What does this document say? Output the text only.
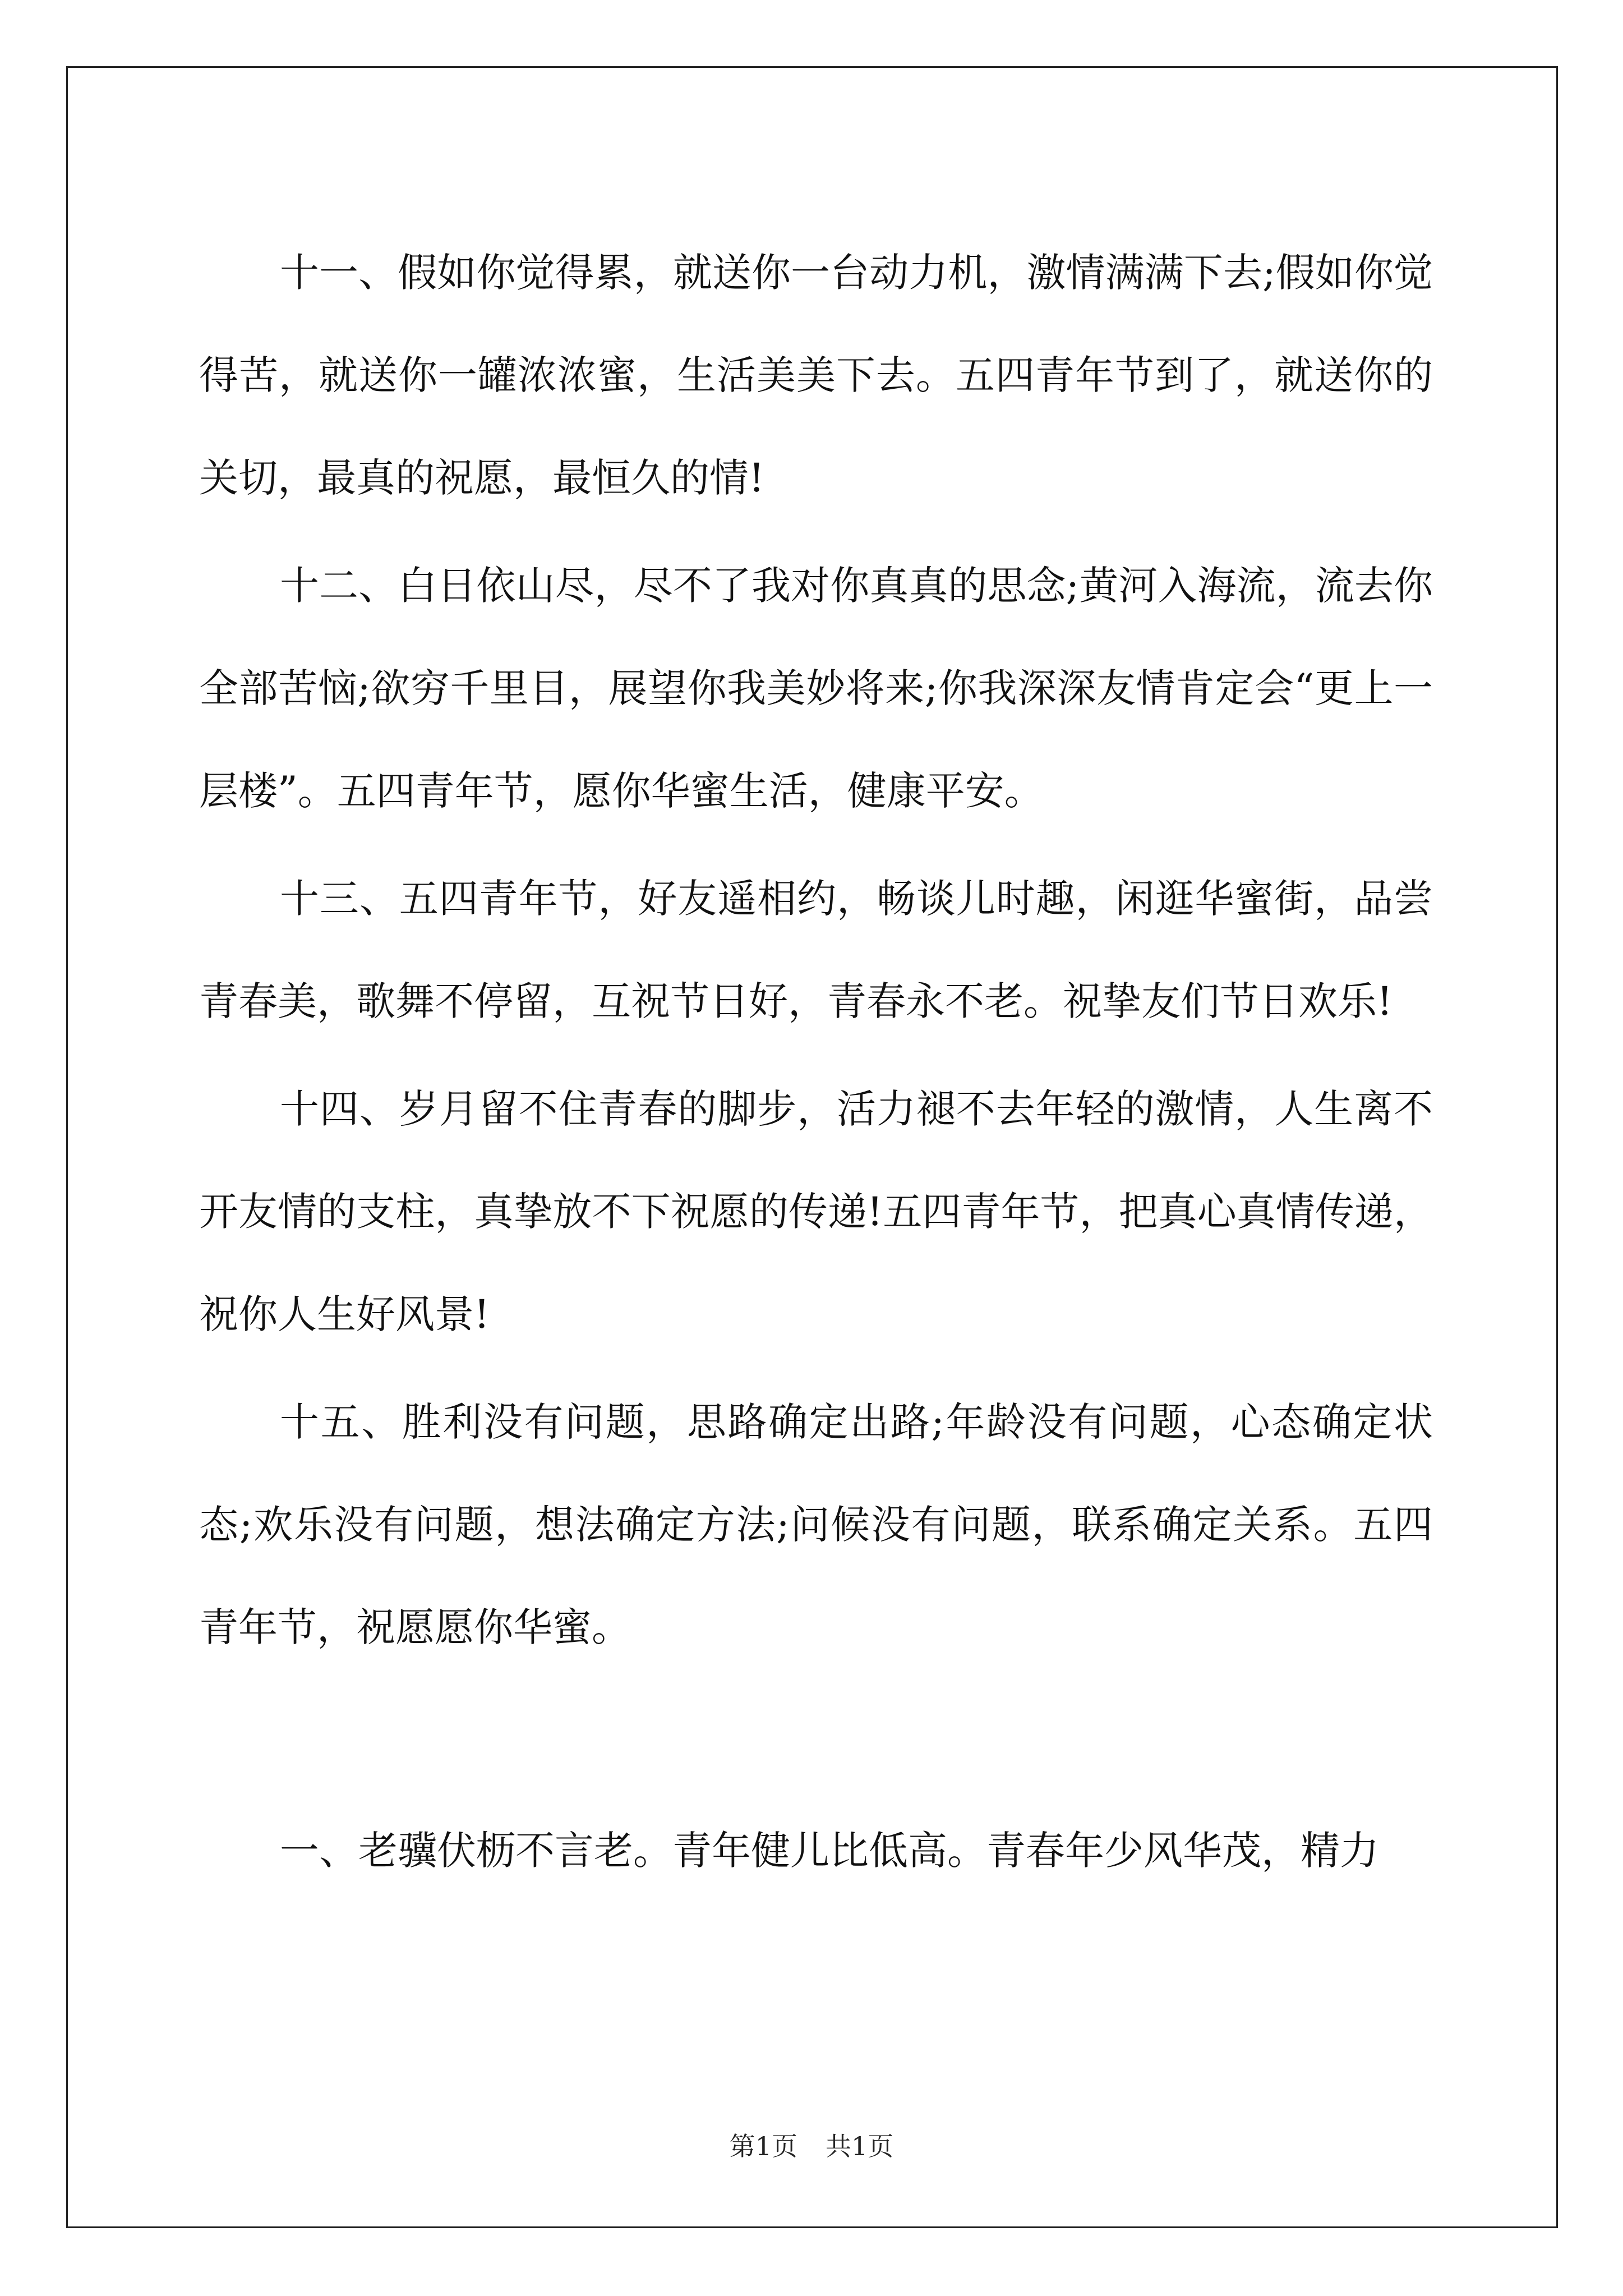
十一、假如你觉得累，就送你一台动力机，激情满满下去;假如你觉得苦，就送你一罐浓浓蜜，生活美美下去。五四青年节到了，就送你的关切，最真的祝愿，最恒久的情!

十二、白日依山尽，尽不了我对你真真的思念;黄河入海流，流去你全部苦恼;欲穷千里目，展望你我美妙将来;你我深深友情肯定会“更上一层楼”。五四青年节，愿你华蜜生活，健康平安。

十三、五四青年节，好友遥相约，畅谈儿时趣，闲逛华蜜街，品尝青春美，歌舞不停留，互祝节日好，青春永不老。祝挚友们节日欢乐!

十四、岁月留不住青春的脚步，活力褪不去年轻的激情，人生离不开友情的支柱，真挚放不下祝愿的传递!五四青年节，把真心真情传递，祝你人生好风景!

十五、胜利没有问题，思路确定出路;年龄没有问题，心态确定状态;欢乐没有问题，想法确定方法;问候没有问题，联系确定关系。五四青年节，祝愿愿你华蜜。

一、老骥伏枥不言老。青年健儿比低高。青春年少风华茂，精力

第1页 共1页
